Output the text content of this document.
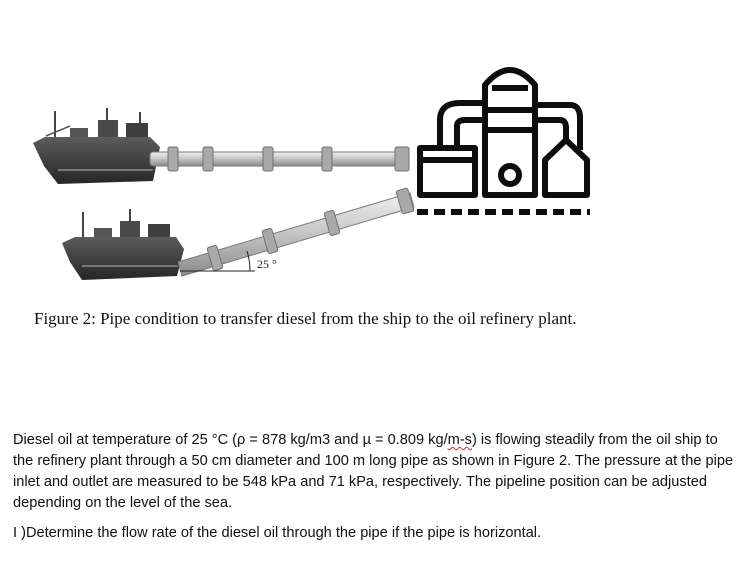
25 °
Figure 2: Pipe condition to transfer diesel from the ship to the oil refinery plant.

Diesel oil at temperature of 25 °C (ρ = 878 kg/m3 and µ = 0.809 kg/m-s) is flowing steadily from the oil ship to the refinery plant through a 50 cm diameter and 100 m long pipe as shown in Figure 2. The pressure at the pipe inlet and outlet are measured to be 548 kPa and 71 kPa, respectively. The pipeline position can be adjusted depending on the level of the sea.

I )Determine the flow rate of the diesel oil through the pipe if the pipe is horizontal.
